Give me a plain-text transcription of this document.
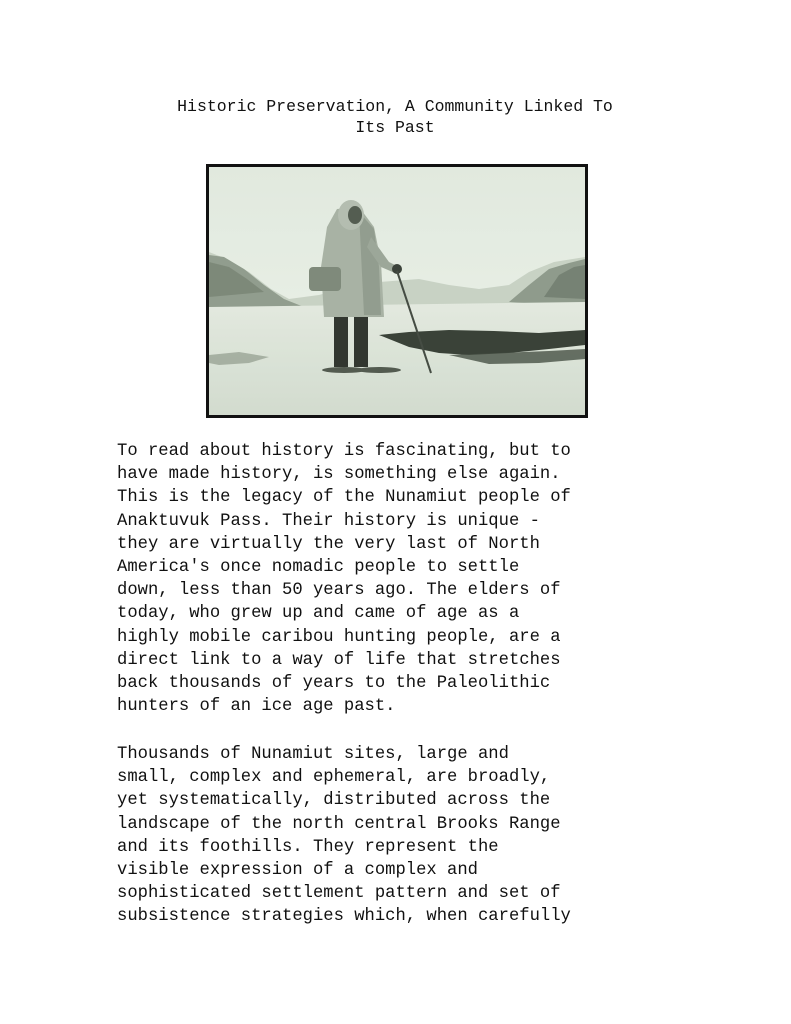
Historic Preservation, A Community Linked To
Its Past

To read about history is fascinating, but to
have made history, is something else again.
This is the legacy of the Nunamiut people of
Anaktuvuk Pass. Their history is unique -
they are virtually the very last of North
America's once nomadic people to settle
down, less than 50 years ago. The elders of
today, who grew up and came of age as a
highly mobile caribou hunting people, are a
direct link to a way of life that stretches
back thousands of years to the Paleolithic
hunters of an ice age past.

Thousands of Nunamiut sites, large and
small, complex and ephemeral, are broadly,
yet systematically, distributed across the
landscape of the north central Brooks Range
and its foothills. They represent the
visible expression of a complex and
sophisticated settlement pattern and set of
subsistence strategies which, when carefully
